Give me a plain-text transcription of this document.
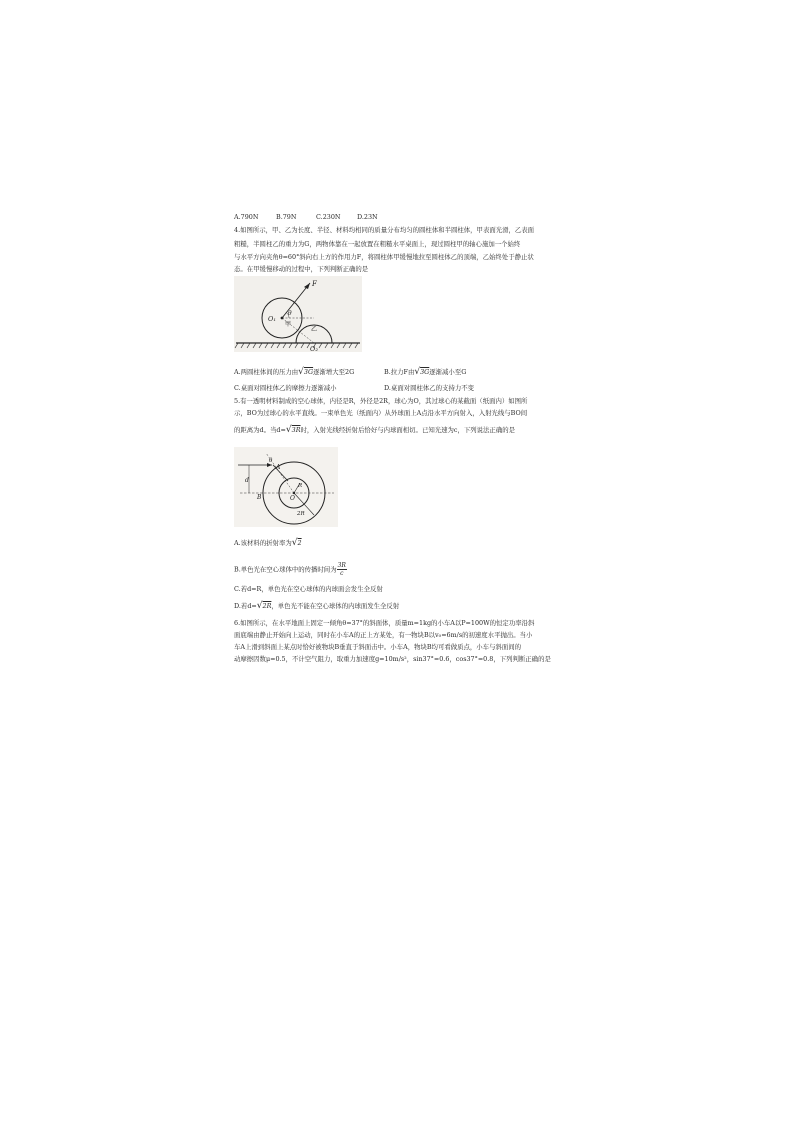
A.790N	B.79N	C.230N	D.23N
4.如图所示，甲、乙为长度、半径、材料均相同的质量分布均匀的圆柱体和半圆柱体，甲表面光滑，乙表面
粗糙，半圆柱乙的重力为G，两物体靠在一起放置在粗糙水平桌面上，现过圆柱甲的轴心施加一个始终
与水平方向夹角θ=60°斜向右上方的作用力F，将圆柱体甲缓慢地拉至圆柱体乙的顶端，乙始终处于静止状
态。在甲缓慢移动的过程中，下列判断正确的是
F
θ
O₁
甲
乙
O₂
A.两圆柱体间的压力由√3G逐渐增大至2G	B.拉力F由√3G逐渐减小至G
C.桌面对圆柱体乙的摩擦力逐渐减小	D.桌面对圆柱体乙的支持力不变
5.有一透明材料制成的空心球体，内径是R，外径是2R，球心为O，其过球心的某截面（纸面内）如图所
示，BO为过球心的水平直线。一束单色光（纸面内）从外球面上A点沿水平方向射入，入射光线与BO间
的距离为d。当d=√3R时，入射光线经折射后恰好与内球面相切。已知光速为c，下列说法正确的是
θ
A
B
d
O
R
2R
A.该材料的折射率为√2
B.单色光在空心球体中的传播时间为 $\frac{3R}{c}$
C.若d=R，单色光在空心球体的内球面会发生全反射
D.若d=√2R，单色光不能在空心球体的内球面发生全反射
6.如图所示，在水平地面上固定一倾角θ=37°的斜面体，质量m=1kg的小车A以P=100W的恒定功率沿斜
面底端由静止开始向上运动，同时在小车A的正上方某处，有一物块B以v₀=6m/s的初速度水平抛出。当小
车A上滑到斜面上某点时恰好被物块B垂直于斜面击中。小车A，物块B均可看做质点，小车与斜面间的
动摩擦因数μ=0.5，不计空气阻力，取重力加速度g=10m/s²，sin37°=0.6，cos37°=0.8，下列判断正确的是
